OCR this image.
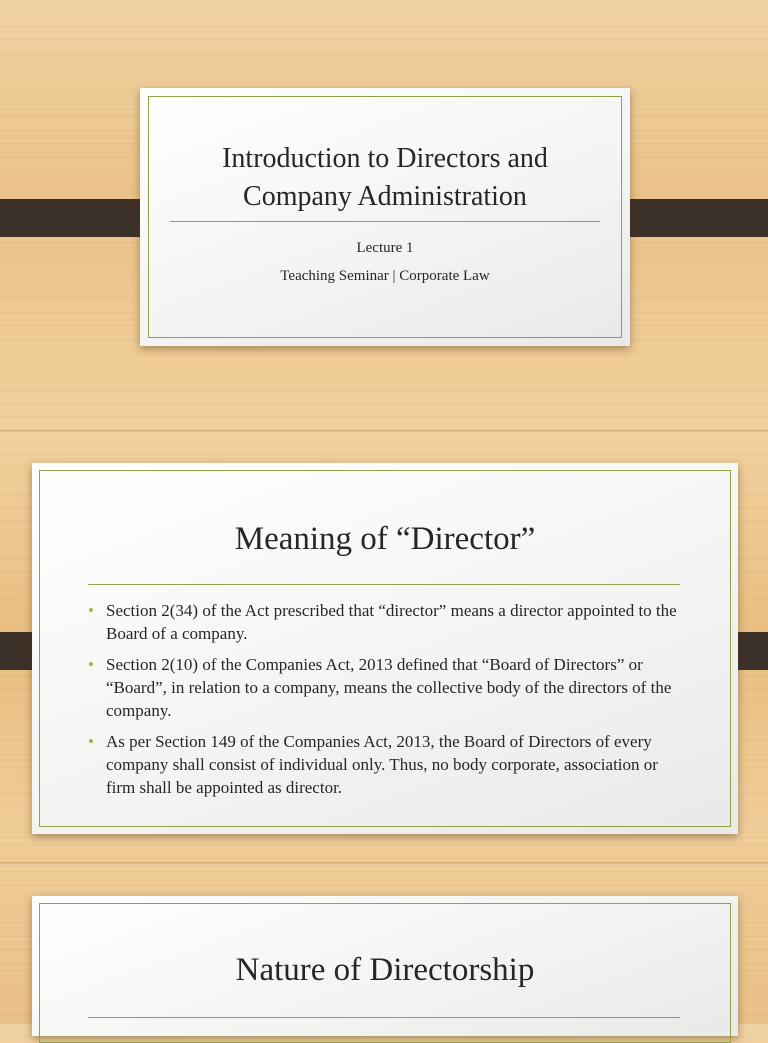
Introduction to Directors and
Company Administration
Lecture 1
Teaching Seminar | Corporate Law
Meaning of “Director”
• Section 2(34) of the Act prescribed that “director” means a director appointed to the Board of a company.
• Section 2(10) of the Companies Act, 2013 defined that “Board of Directors” or “Board”, in relation to a company, means the collective body of the directors of the company.
• As per Section 149 of the Companies Act, 2013, the Board of Directors of every company shall consist of individual only. Thus, no body corporate, association or firm shall be appointed as director.
Nature of Directorship
